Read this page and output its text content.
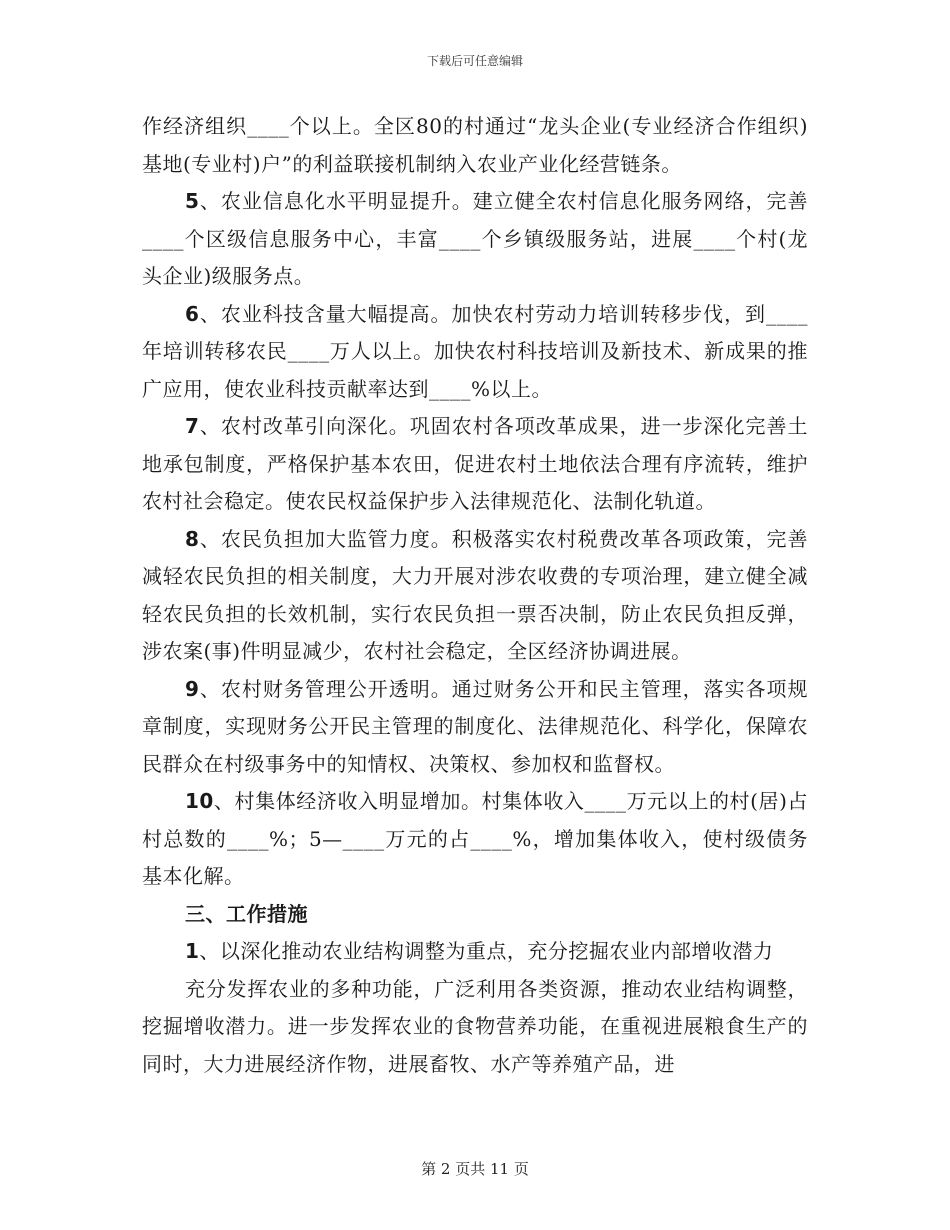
下载后可任意编辑

作经济组织____个以上。全区80的村通过“龙头企业(专业经济合作组织)基地(专业村)户”的利益联接机制纳入农业产业化经营链条。

5、农业信息化水平明显提升。建立健全农村信息化服务网络，完善____个区级信息服务中心，丰富____个乡镇级服务站，进展____个村(龙头企业)级服务点。

6、农业科技含量大幅提高。加快农村劳动力培训转移步伐，到____年培训转移农民____万人以上。加快农村科技培训及新技术、新成果的推广应用，使农业科技贡献率达到____%以上。

7、农村改革引向深化。巩固农村各项改革成果，进一步深化完善土地承包制度，严格保护基本农田，促进农村土地依法合理有序流转，维护农村社会稳定。使农民权益保护步入法律规范化、法制化轨道。

8、农民负担加大监管力度。积极落实农村税费改革各项政策，完善减轻农民负担的相关制度，大力开展对涉农收费的专项治理，建立健全减轻农民负担的长效机制，实行农民负担一票否决制，防止农民负担反弹，涉农案(事)件明显减少，农村社会稳定，全区经济协调进展。

9、农村财务管理公开透明。通过财务公开和民主管理，落实各项规章制度，实现财务公开民主管理的制度化、法律规范化、科学化，保障农民群众在村级事务中的知情权、决策权、参加权和监督权。

10、村集体经济收入明显增加。村集体收入____万元以上的村(居)占村总数的____%；5—____万元的占____%，增加集体收入，使村级债务基本化解。

三、工作措施

1、以深化推动农业结构调整为重点，充分挖掘农业内部增收潜力

充分发挥农业的多种功能，广泛利用各类资源，推动农业结构调整，挖掘增收潜力。进一步发挥农业的食物营养功能，在重视进展粮食生产的同时，大力进展经济作物，进展畜牧、水产等养殖产品，进

第 2 页共 11 页
